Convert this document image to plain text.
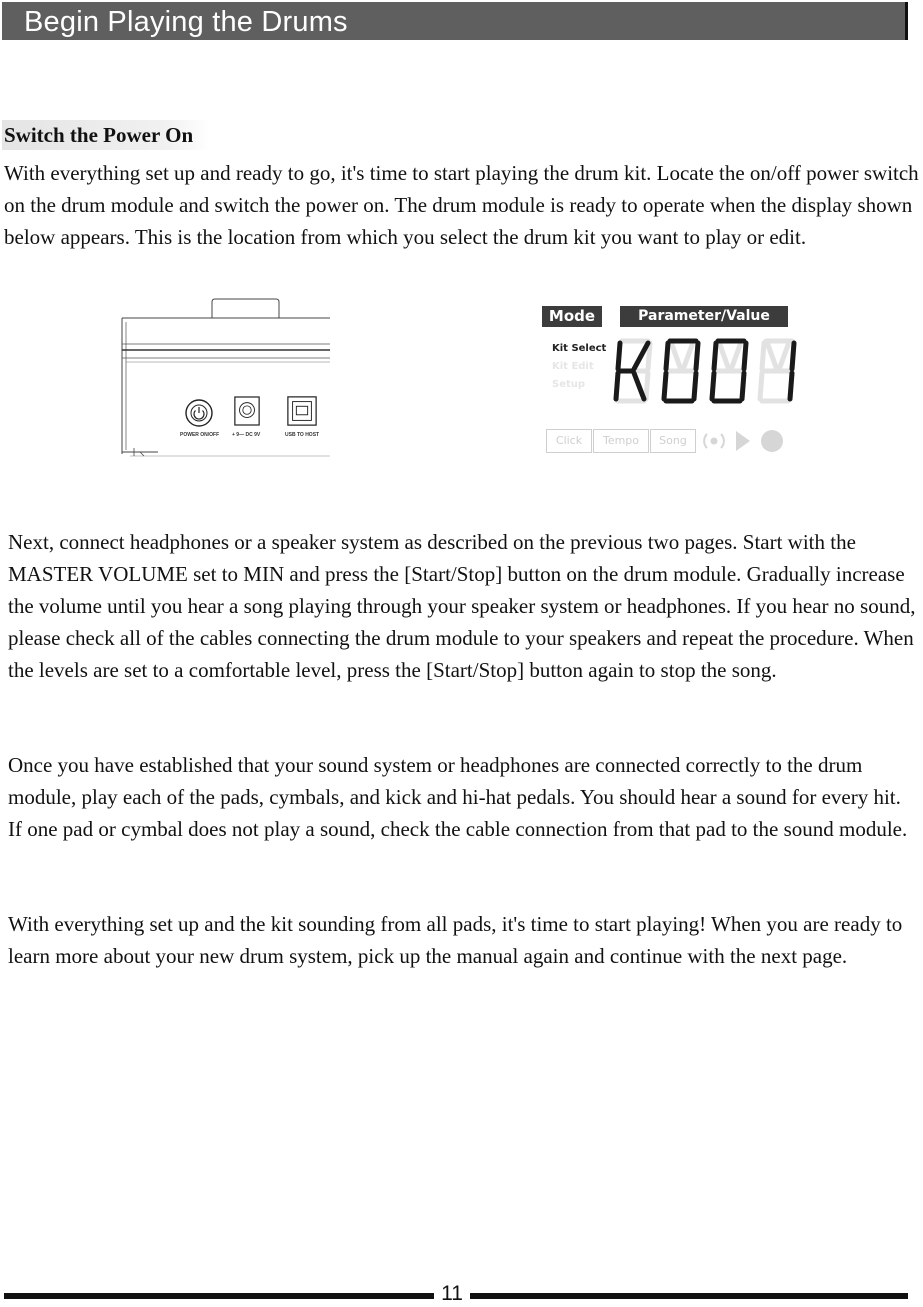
Begin Playing the Drums
Switch the Power On

With everything set up and ready to go, it's time to start playing the drum kit. Locate the on/off power switch on the drum module and switch the power on. The drum module is ready to operate when the display shown below appears. This is the location from which you select the drum kit you want to play or edit.

POWER ON/OFF	+ 9— DC 9V	USB TO HOST
Mode	Parameter/Value
Kit Select
Kit Edit
Setup
Click	Tempo	Song

Next, connect headphones or a speaker system as described on the previous two pages. Start with the MASTER VOLUME set to MIN and press the [Start/Stop] button on the drum module. Gradually increase the volume until you hear a song playing through your speaker system or headphones. If you hear no sound, please check all of the cables connecting the drum module to your speakers and repeat the procedure. When the levels are set to a comfortable level, press the [Start/Stop] button again to stop the song.

Once you have established that your sound system or headphones are connected correctly to the drum module, play each of the pads, cymbals, and kick and hi-hat pedals. You should hear a sound for every hit. If one pad or cymbal does not play a sound, check the cable connection from that pad to the sound module.

With everything set up and the kit sounding from all pads, it's time to start playing! When you are ready to learn more about your new drum system, pick up the manual again and continue with the next page.

11
